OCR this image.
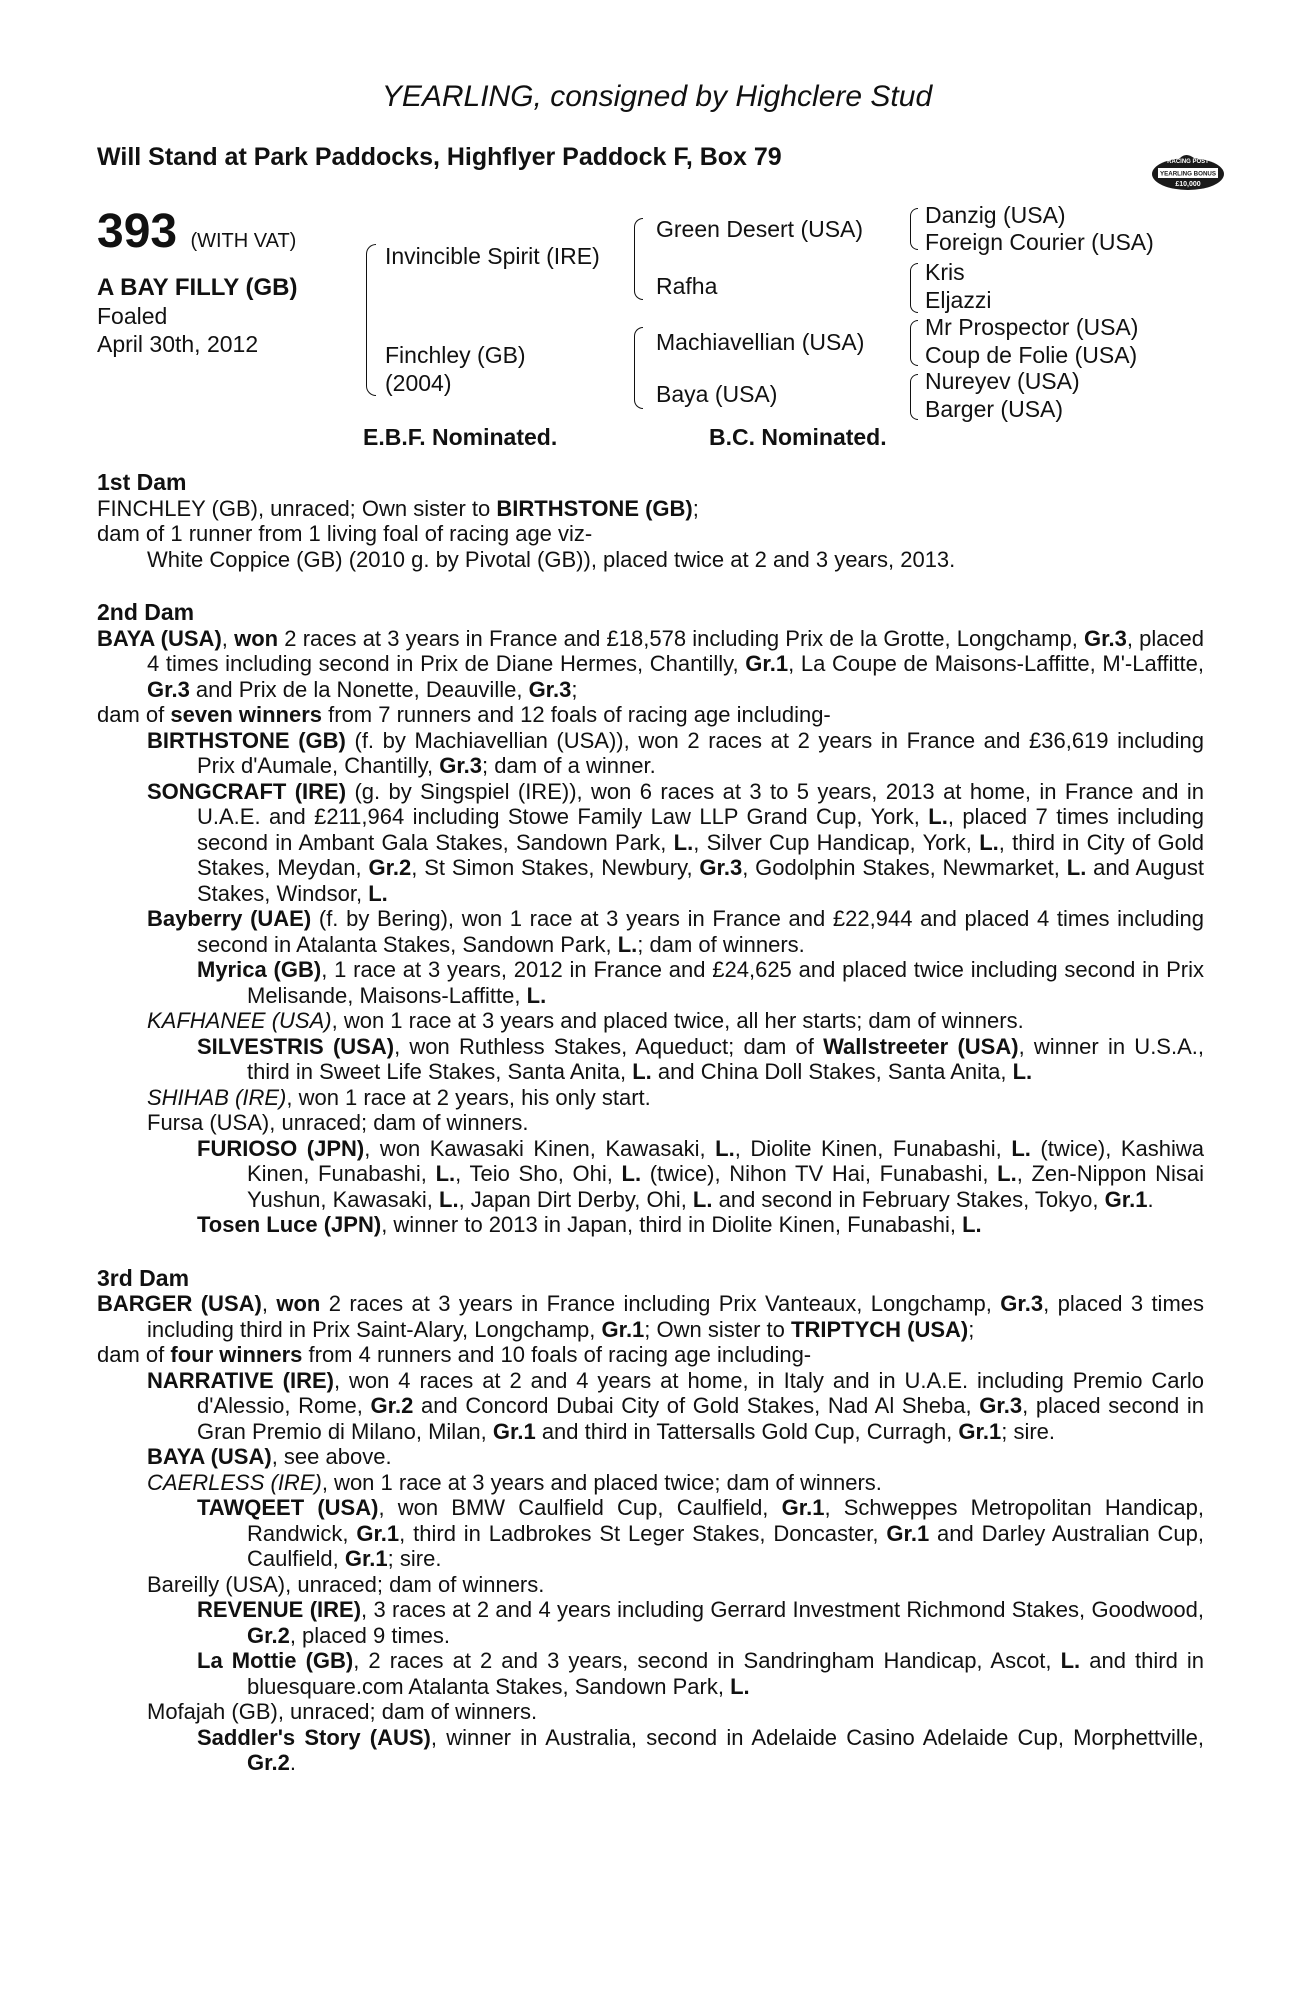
YEARLING, consigned by Highclere Stud
Will Stand at Park Paddocks, Highflyer Paddock F, Box 79	RACING POST
YEARLING BONUS
£10,000
393 (WITH VAT)
A BAY FILLY (GB)
Foaled
April 30th, 2012
Invincible Spirit (IRE)
Finchley (GB)
(2004)
Green Desert (USA)
Rafha
Machiavellian (USA)
Baya (USA)
Danzig (USA)
Foreign Courier (USA)
Kris
Eljazzi
Mr Prospector (USA)
Coup de Folie (USA)
Nureyev (USA)
Barger (USA)
E.B.F. Nominated.	B.C. Nominated.
1st Dam
FINCHLEY (GB), unraced; Own sister to BIRTHSTONE (GB);
dam of 1 runner from 1 living foal of racing age viz-
White Coppice (GB) (2010 g. by Pivotal (GB)), placed twice at 2 and 3 years, 2013.
2nd Dam
BAYA (USA), won 2 races at 3 years in France and £18,578 including Prix de la Grotte, Longchamp, Gr.3, placed 4 times including second in Prix de Diane Hermes, Chantilly, Gr.1, La Coupe de Maisons-Laffitte, M'-Laffitte, Gr.3 and Prix de la Nonette, Deauville, Gr.3;
dam of seven winners from 7 runners and 12 foals of racing age including-
BIRTHSTONE (GB) (f. by Machiavellian (USA)), won 2 races at 2 years in France and £36,619 including Prix d'Aumale, Chantilly, Gr.3; dam of a winner.
SONGCRAFT (IRE) (g. by Singspiel (IRE)), won 6 races at 3 to 5 years, 2013 at home, in France and in U.A.E. and £211,964 including Stowe Family Law LLP Grand Cup, York, L., placed 7 times including second in Ambant Gala Stakes, Sandown Park, L., Silver Cup Handicap, York, L., third in City of Gold Stakes, Meydan, Gr.2, St Simon Stakes, Newbury, Gr.3, Godolphin Stakes, Newmarket, L. and August Stakes, Windsor, L.
Bayberry (UAE) (f. by Bering), won 1 race at 3 years in France and £22,944 and placed 4 times including second in Atalanta Stakes, Sandown Park, L.; dam of winners.
Myrica (GB), 1 race at 3 years, 2012 in France and £24,625 and placed twice including second in Prix Melisande, Maisons-Laffitte, L.
KAFHANEE (USA), won 1 race at 3 years and placed twice, all her starts; dam of winners.
SILVESTRIS (USA), won Ruthless Stakes, Aqueduct; dam of Wallstreeter (USA), winner in U.S.A., third in Sweet Life Stakes, Santa Anita, L. and China Doll Stakes, Santa Anita, L.
SHIHAB (IRE), won 1 race at 2 years, his only start.
Fursa (USA), unraced; dam of winners.
FURIOSO (JPN), won Kawasaki Kinen, Kawasaki, L., Diolite Kinen, Funabashi, L. (twice), Kashiwa Kinen, Funabashi, L., Teio Sho, Ohi, L. (twice), Nihon TV Hai, Funabashi, L., Zen-Nippon Nisai Yushun, Kawasaki, L., Japan Dirt Derby, Ohi, L. and second in February Stakes, Tokyo, Gr.1.
Tosen Luce (JPN), winner to 2013 in Japan, third in Diolite Kinen, Funabashi, L.
3rd Dam
BARGER (USA), won 2 races at 3 years in France including Prix Vanteaux, Longchamp, Gr.3, placed 3 times including third in Prix Saint-Alary, Longchamp, Gr.1; Own sister to TRIPTYCH (USA);
dam of four winners from 4 runners and 10 foals of racing age including-
NARRATIVE (IRE), won 4 races at 2 and 4 years at home, in Italy and in U.A.E. including Premio Carlo d'Alessio, Rome, Gr.2 and Concord Dubai City of Gold Stakes, Nad Al Sheba, Gr.3, placed second in Gran Premio di Milano, Milan, Gr.1 and third in Tattersalls Gold Cup, Curragh, Gr.1; sire.
BAYA (USA), see above.
CAERLESS (IRE), won 1 race at 3 years and placed twice; dam of winners.
TAWQEET (USA), won BMW Caulfield Cup, Caulfield, Gr.1, Schweppes Metropolitan Handicap, Randwick, Gr.1, third in Ladbrokes St Leger Stakes, Doncaster, Gr.1 and Darley Australian Cup, Caulfield, Gr.1; sire.
Bareilly (USA), unraced; dam of winners.
REVENUE (IRE), 3 races at 2 and 4 years including Gerrard Investment Richmond Stakes, Goodwood, Gr.2, placed 9 times.
La Mottie (GB), 2 races at 2 and 3 years, second in Sandringham Handicap, Ascot, L. and third in bluesquare.com Atalanta Stakes, Sandown Park, L.
Mofajah (GB), unraced; dam of winners.
Saddler's Story (AUS), winner in Australia, second in Adelaide Casino Adelaide Cup, Morphettville, Gr.2.
